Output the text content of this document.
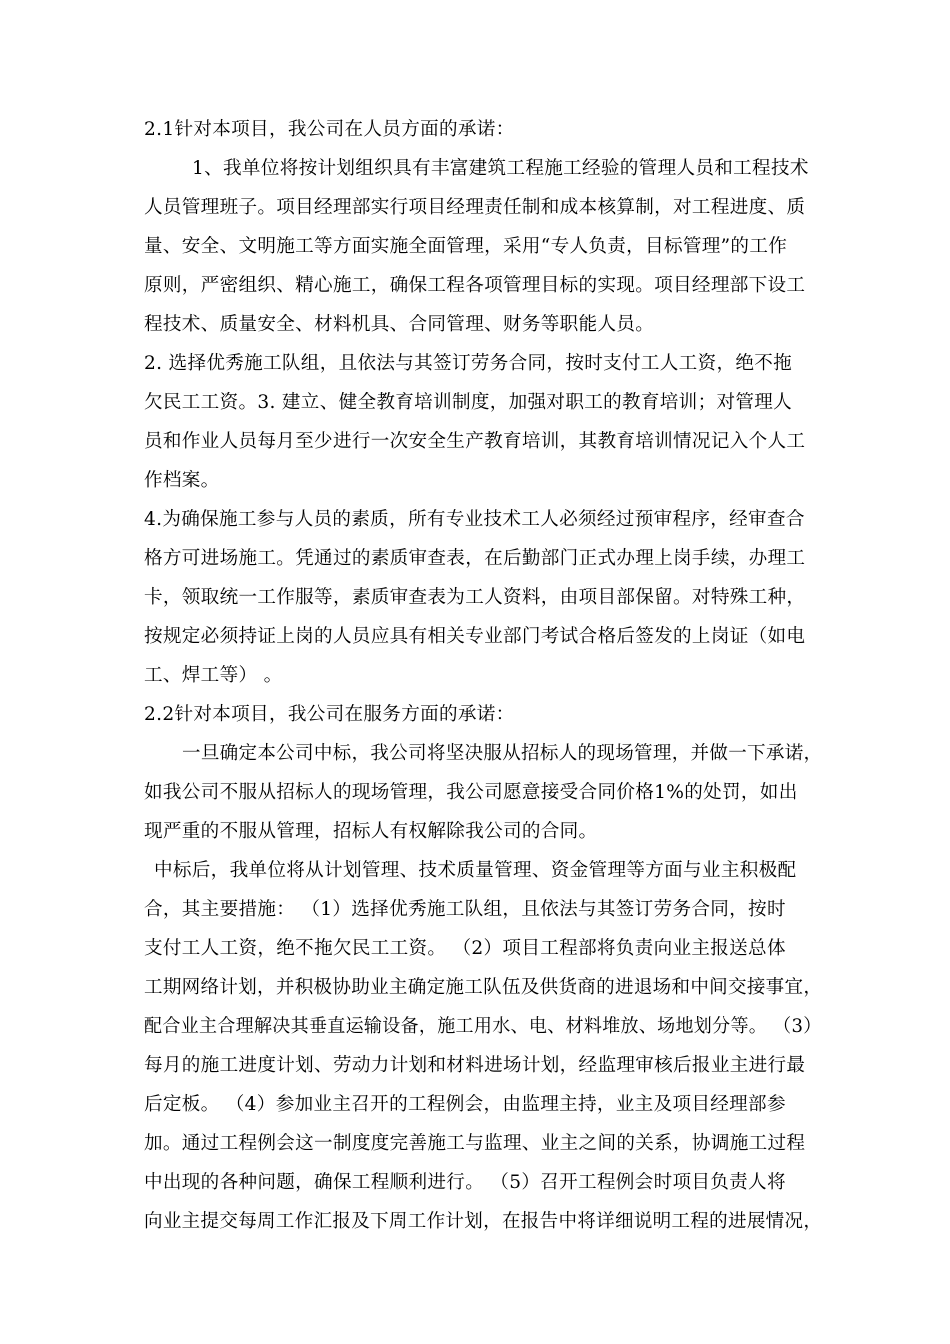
2.1针对本项目，我公司在人员方面的承诺：
1、我单位将按计划组织具有丰富建筑工程施工经验的管理人员和工程技术
人员管理班子。项目经理部实行项目经理责任制和成本核算制，对工程进度、质
量、安全、文明施工等方面实施全面管理，采用“专人负责，目标管理”的工作
原则，严密组织、精心施工，确保工程各项管理目标的实现。项目经理部下设工
程技术、质量安全、材料机具、合同管理、财务等职能人员。
2. 选择优秀施工队组，且依法与其签订劳务合同，按时支付工人工资，绝不拖
欠民工工资。3. 建立、健全教育培训制度，加强对职工的教育培训；对管理人
员和作业人员每月至少进行一次安全生产教育培训，其教育培训情况记入个人工
作档案。
4.为确保施工参与人员的素质，所有专业技术工人必须经过预审程序，经审查合
格方可进场施工。凭通过的素质审查表，在后勤部门正式办理上岗手续，办理工
卡，领取统一工作服等，素质审查表为工人资料，由项目部保留。对特殊工种，
按规定必须持证上岗的人员应具有相关专业部门考试合格后签发的上岗证（如电
工、焊工等） 。
2.2针对本项目，我公司在服务方面的承诺：
一旦确定本公司中标，我公司将坚决服从招标人的现场管理，并做一下承诺，
如我公司不服从招标人的现场管理，我公司愿意接受合同价格1%的处罚，如出
现严重的不服从管理，招标人有权解除我公司的合同。
中标后，我单位将从计划管理、技术质量管理、资金管理等方面与业主积极配
合，其主要措施： （1）选择优秀施工队组，且依法与其签订劳务合同，按时
支付工人工资，绝不拖欠民工工资。 （2）项目工程部将负责向业主报送总体
工期网络计划，并积极协助业主确定施工队伍及供货商的进退场和中间交接事宜，
配合业主合理解决其垂直运输设备，施工用水、电、材料堆放、场地划分等。 （3）
每月的施工进度计划、劳动力计划和材料进场计划，经监理审核后报业主进行最
后定板。 （4）参加业主召开的工程例会，由监理主持，业主及项目经理部参
加。通过工程例会这一制度度完善施工与监理、业主之间的关系，协调施工过程
中出现的各种问题，确保工程顺利进行。 （5）召开工程例会时项目负责人将
向业主提交每周工作汇报及下周工作计划，在报告中将详细说明工程的进展情况，
